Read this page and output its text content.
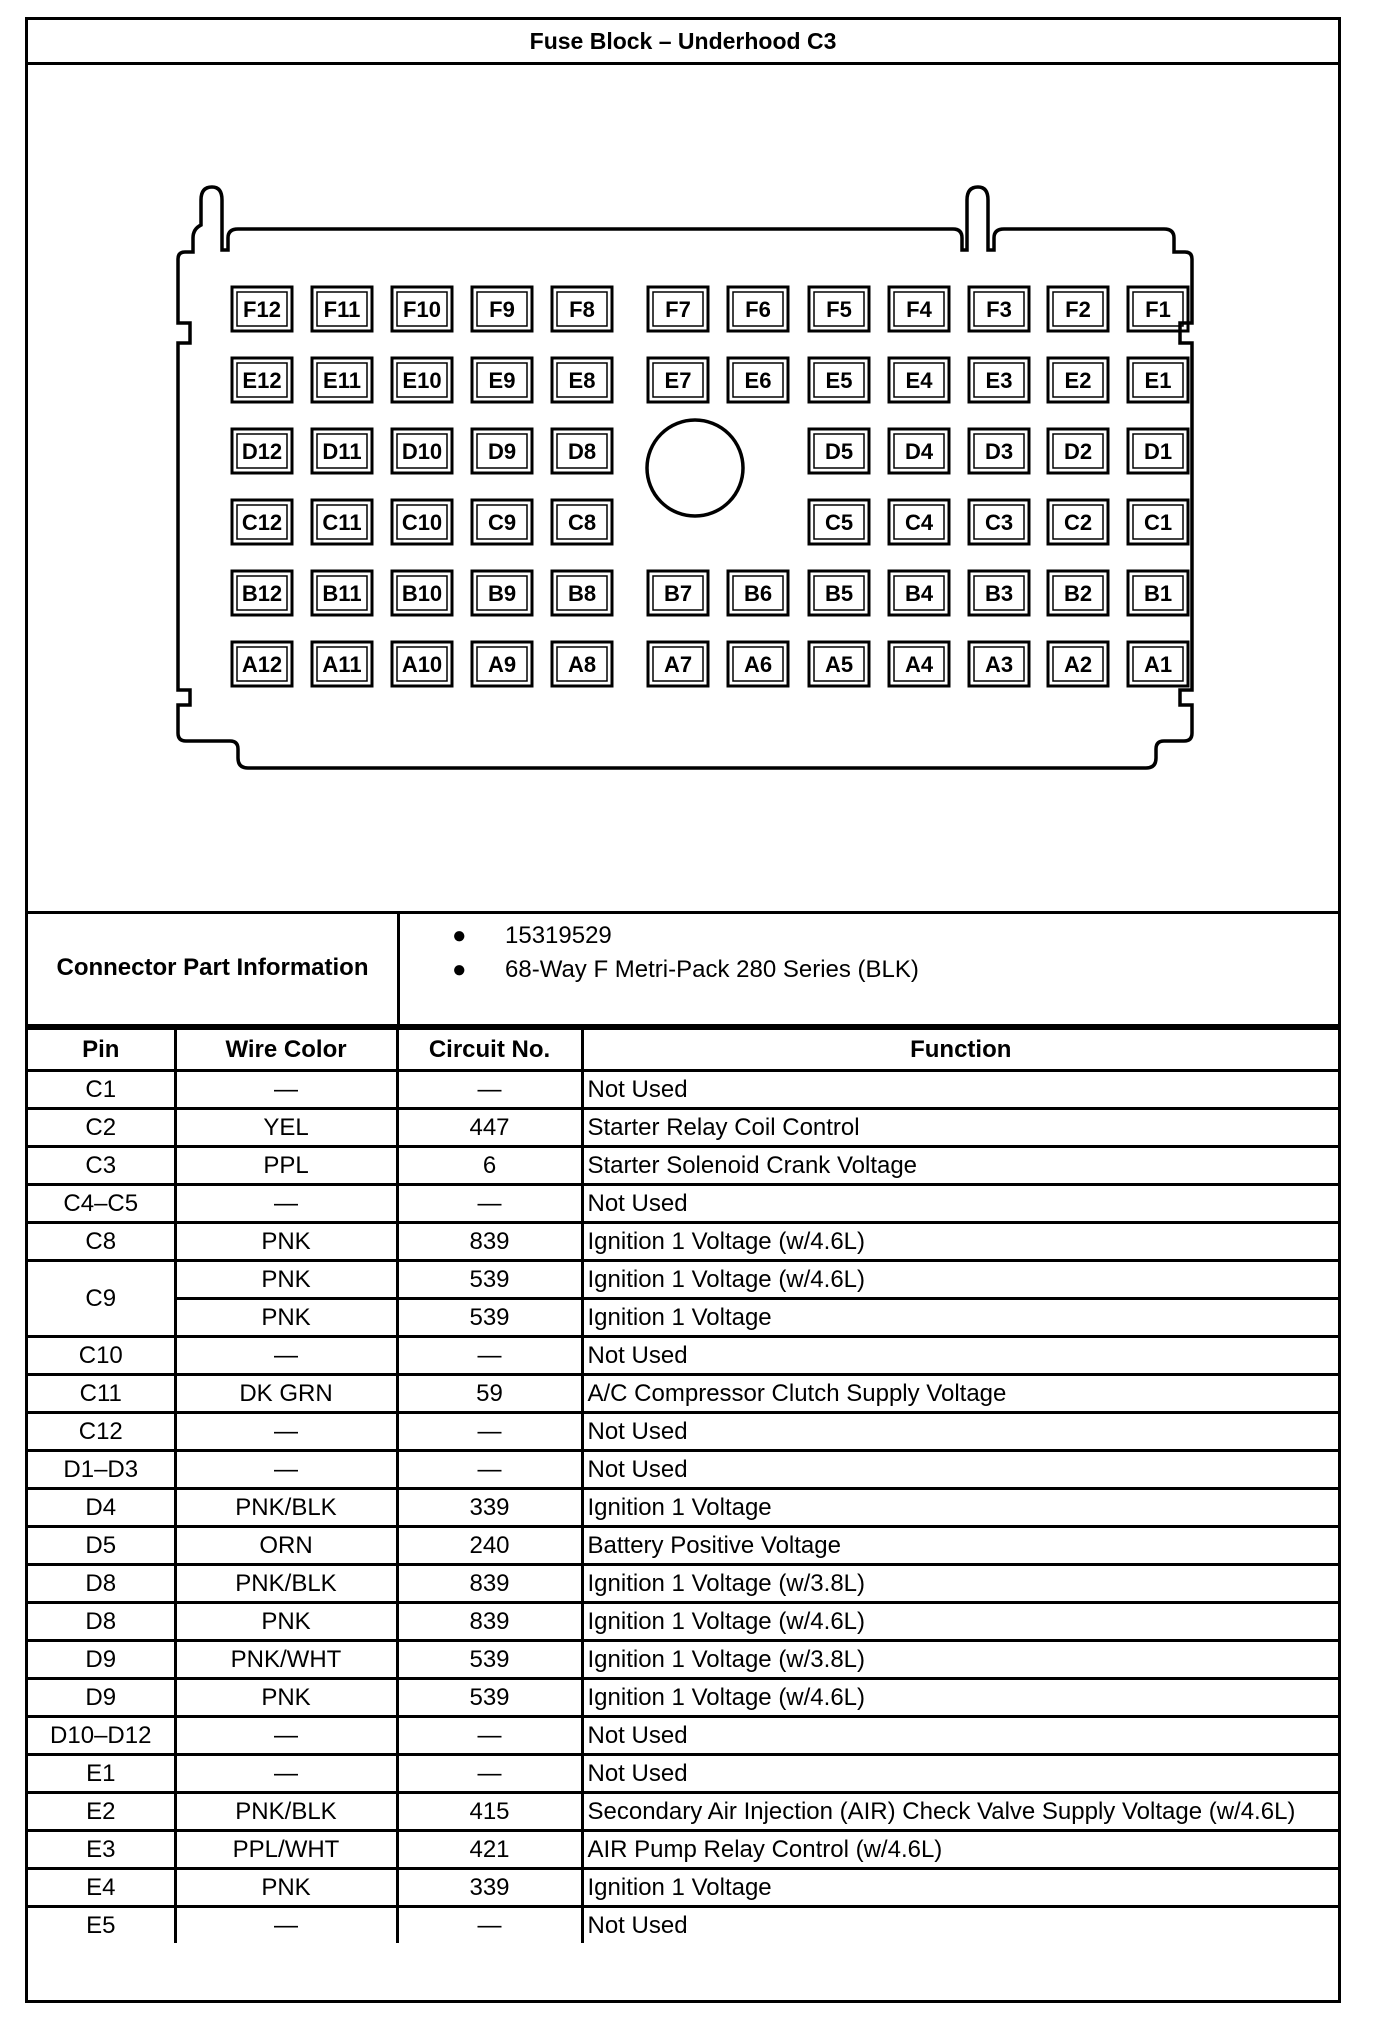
Fuse Block – Underhood C3
F12 F11 F10 F9 F8	F7 F6	F5 F4 F3 F2 F1
E12 E11 E10 E9 E8	E7 E6 E5 E4 E3 E2 E1
D12 D11 D10 D9 D8	D5 D4 D3 D2 D1
C12 C11 C10 C9 C8	C5 C4 C3 C2 C1
B12 B11 B10 B9 B8	B7 B6 B5 B4 B3 B2 B1
A12 A11 A10 A9 A8	A7 A6 A5 A4 A3 A2 A1
Connector Part Information
● 15319529
● 68-Way F Metri-Pack 280 Series (BLK)
Pin	Wire Color	Circuit No.	Function
C1	—	—	Not Used
C2	YEL	447	Starter Relay Coil Control
C3	PPL	6	Starter Solenoid Crank Voltage
C4–C5	—	—	Not Used
C8	PNK	839	Ignition 1 Voltage (w/4.6L)
C9	PNK	539	Ignition 1 Voltage (w/4.6L)
	PNK	539	Ignition 1 Voltage
C10	—	—	Not Used
C11	DK GRN	59	A/C Compressor Clutch Supply Voltage
C12	—	—	Not Used
D1–D3	—	—	Not Used
D4	PNK/BLK	339	Ignition 1 Voltage
D5	ORN	240	Battery Positive Voltage
D8	PNK/BLK	839	Ignition 1 Voltage (w/3.8L)
D8	PNK	839	Ignition 1 Voltage (w/4.6L)
D9	PNK/WHT	539	Ignition 1 Voltage (w/3.8L)
D9	PNK	539	Ignition 1 Voltage (w/4.6L)
D10–D12	—	—	Not Used
E1	—	—	Not Used
E2	PNK/BLK	415	Secondary Air Injection (AIR) Check Valve Supply Voltage (w/4.6L)
E3	PPL/WHT	421	AIR Pump Relay Control (w/4.6L)
E4	PNK	339	Ignition 1 Voltage
E5	—	—	Not Used
